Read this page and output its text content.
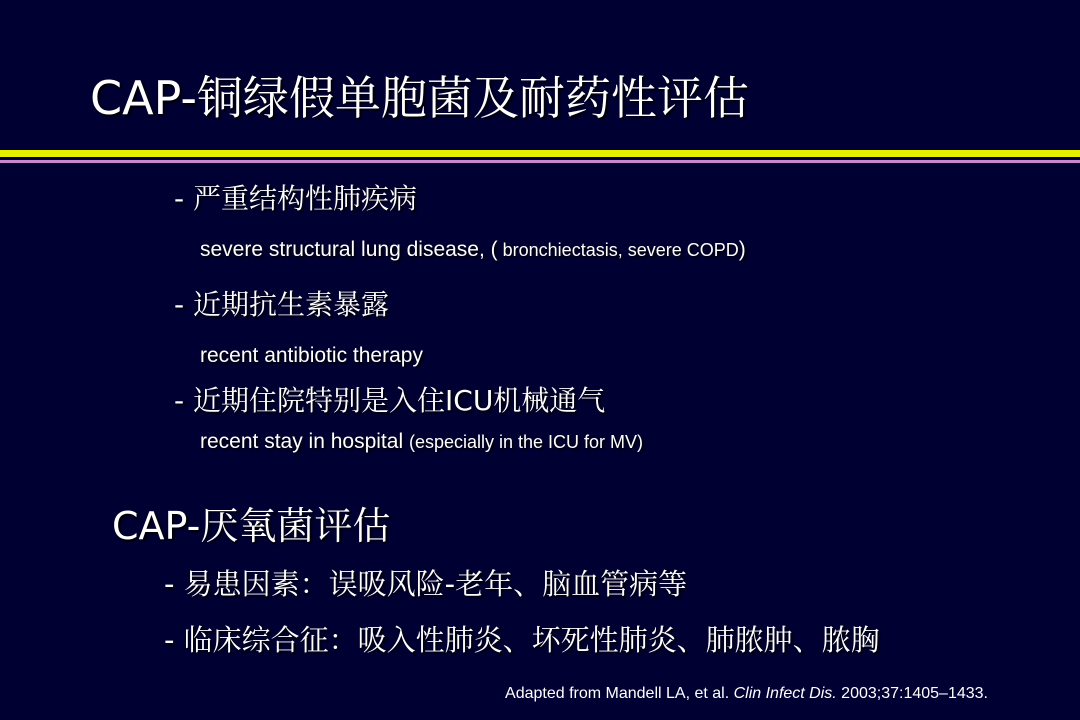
CAP-铜绿假单胞菌及耐药性评估
- 严重结构性肺疾病
severe structural lung disease, ( bronchiectasis, severe COPD)
- 近期抗生素暴露
recent antibiotic therapy
- 近期住院特别是入住ICU机械通气
recent stay in hospital (especially in the ICU for MV)
CAP-厌氧菌评估
- 易患因素：误吸风险-老年、脑血管病等
- 临床综合征：吸入性肺炎、坏死性肺炎、肺脓肿、脓胸
Adapted from Mandell LA, et al. Clin Infect Dis. 2003;37:1405–1433.
